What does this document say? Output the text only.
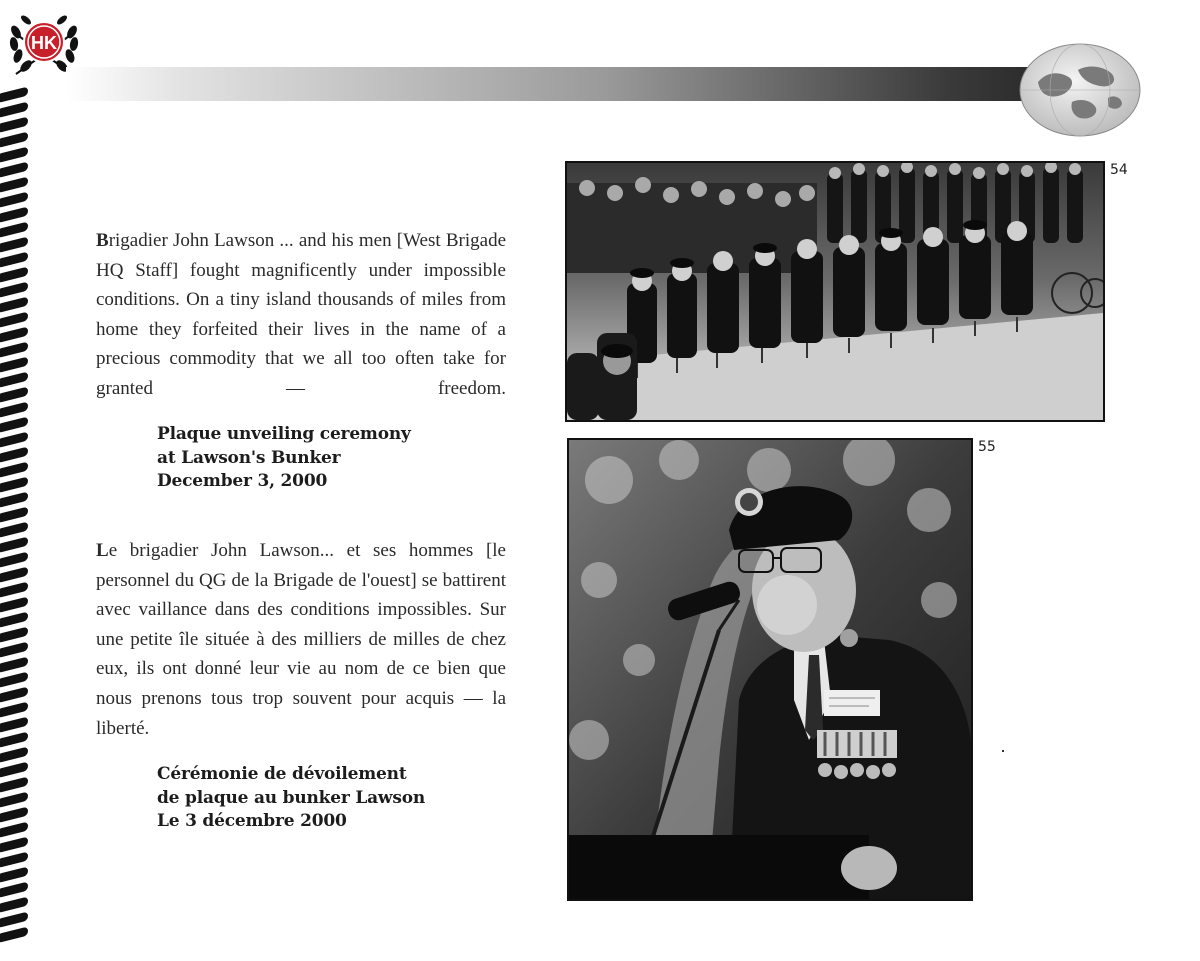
HK
Brigadier John Lawson ... and his men [West Brigade HQ Staff] fought magnificently under impossible conditions. On a tiny island thousands of miles from home they forfeited their lives in the name of a precious commodity that we all too often take for granted — freedom.
Plaque unveiling ceremony
at Lawson's Bunker
December 3, 2000
Le brigadier John Lawson... et ses hommes [le personnel du QG de la Brigade de l'ouest] se battirent avec vaillance dans des conditions impossibles. Sur une petite île située à des milliers de milles de chez eux, ils ont donné leur vie au nom de ce bien que nous prenons tous trop souvent pour acquis — la liberté.
Cérémonie de dévoilement
de plaque au bunker Lawson
Le 3 décembre 2000
54
55
